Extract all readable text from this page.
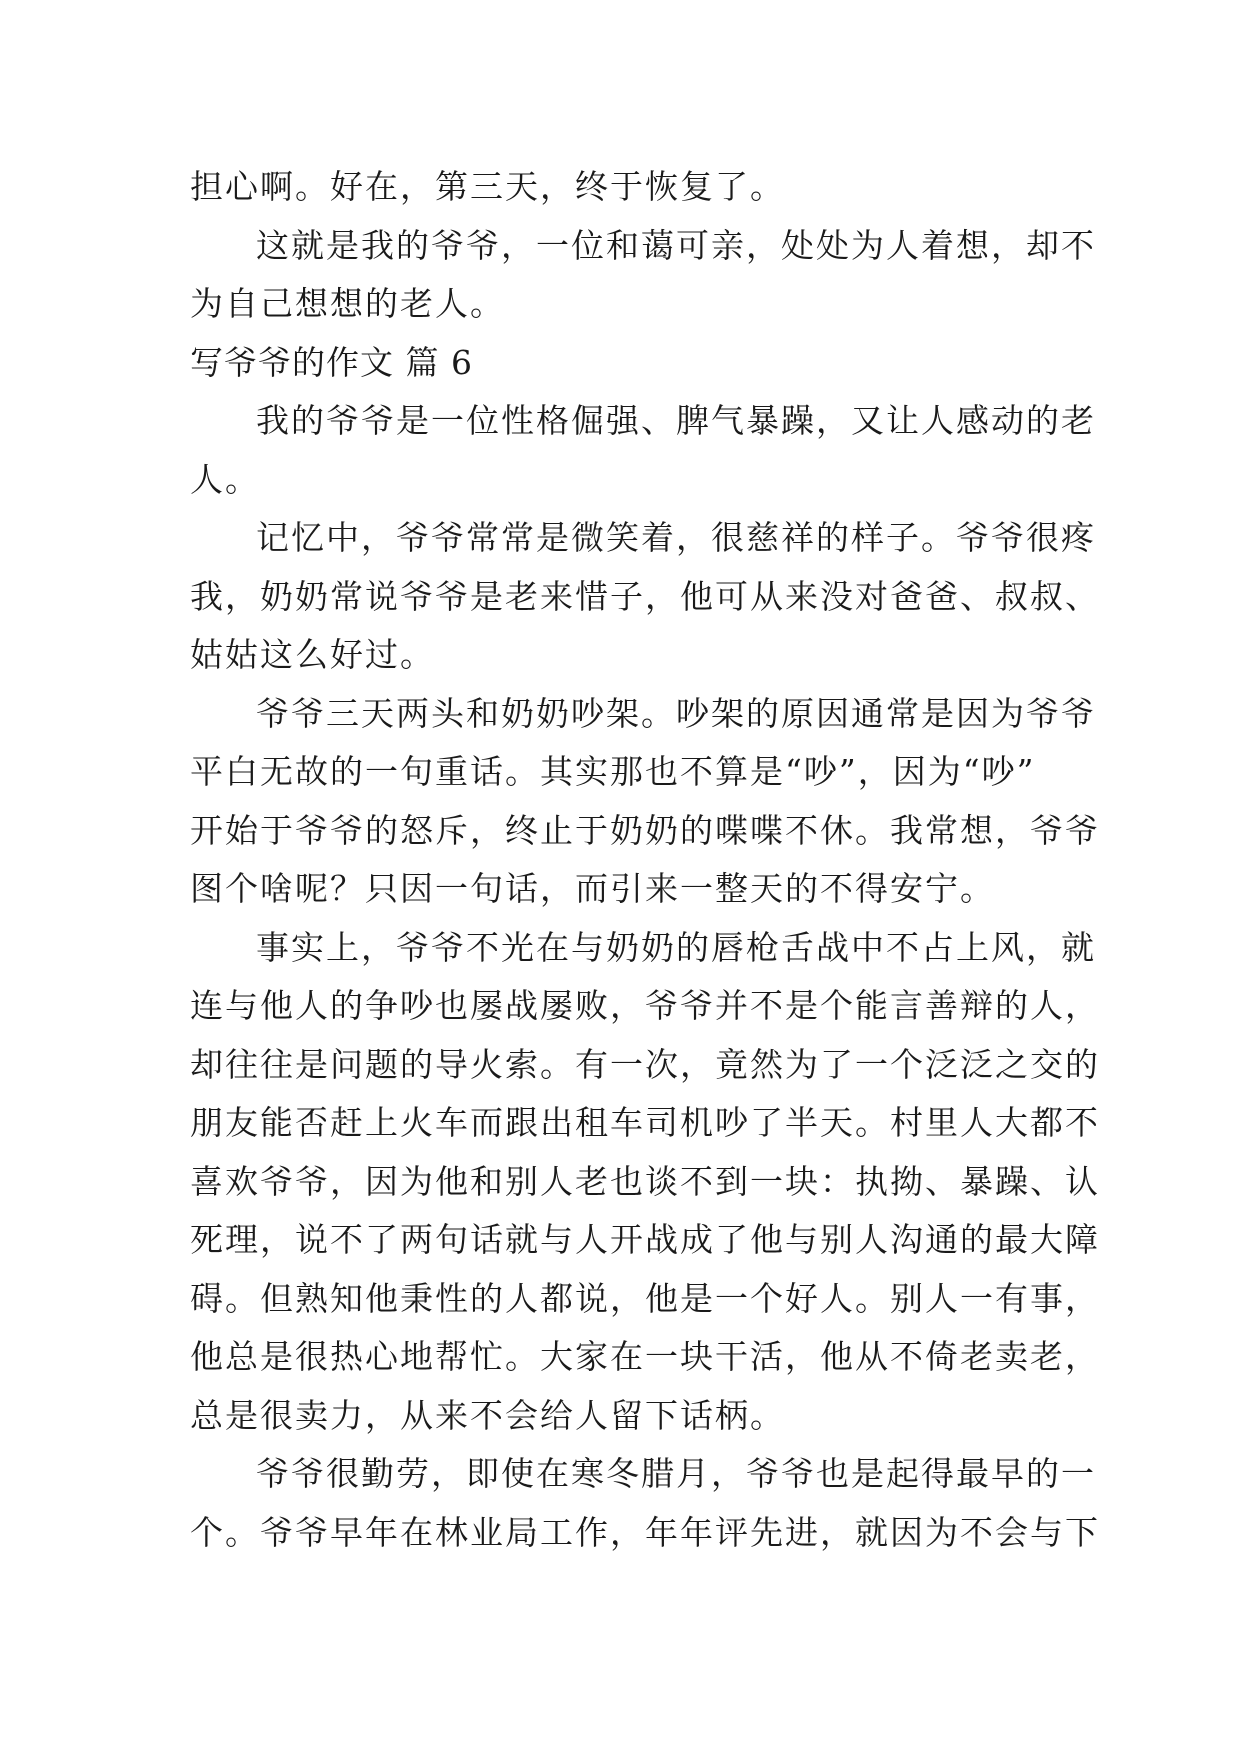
担心啊。好在，第三天，终于恢复了。
这就是我的爷爷，一位和蔼可亲，处处为人着想，却不
为自己想想的老人。
写爷爷的作文 篇 6
我的爷爷是一位性格倔强、脾气暴躁，又让人感动的老
人。
记忆中，爷爷常常是微笑着，很慈祥的样子。爷爷很疼
我，奶奶常说爷爷是老来惜子，他可从来没对爸爸、叔叔、
姑姑这么好过。
爷爷三天两头和奶奶吵架。吵架的原因通常是因为爷爷
平白无故的一句重话。其实那也不算是“吵”，因为“吵”
开始于爷爷的怒斥，终止于奶奶的喋喋不休。我常想，爷爷
图个啥呢？只因一句话，而引来一整天的不得安宁。
事实上，爷爷不光在与奶奶的唇枪舌战中不占上风，就
连与他人的争吵也屡战屡败，爷爷并不是个能言善辩的人，
却往往是问题的导火索。有一次，竟然为了一个泛泛之交的
朋友能否赶上火车而跟出租车司机吵了半天。村里人大都不
喜欢爷爷，因为他和别人老也谈不到一块：执拗、暴躁、认
死理，说不了两句话就与人开战成了他与别人沟通的最大障
碍。但熟知他秉性的人都说，他是一个好人。别人一有事，
他总是很热心地帮忙。大家在一块干活，他从不倚老卖老，
总是很卖力，从来不会给人留下话柄。
爷爷很勤劳，即使在寒冬腊月，爷爷也是起得最早的一
个。爷爷早年在林业局工作，年年评先进，就因为不会与下
